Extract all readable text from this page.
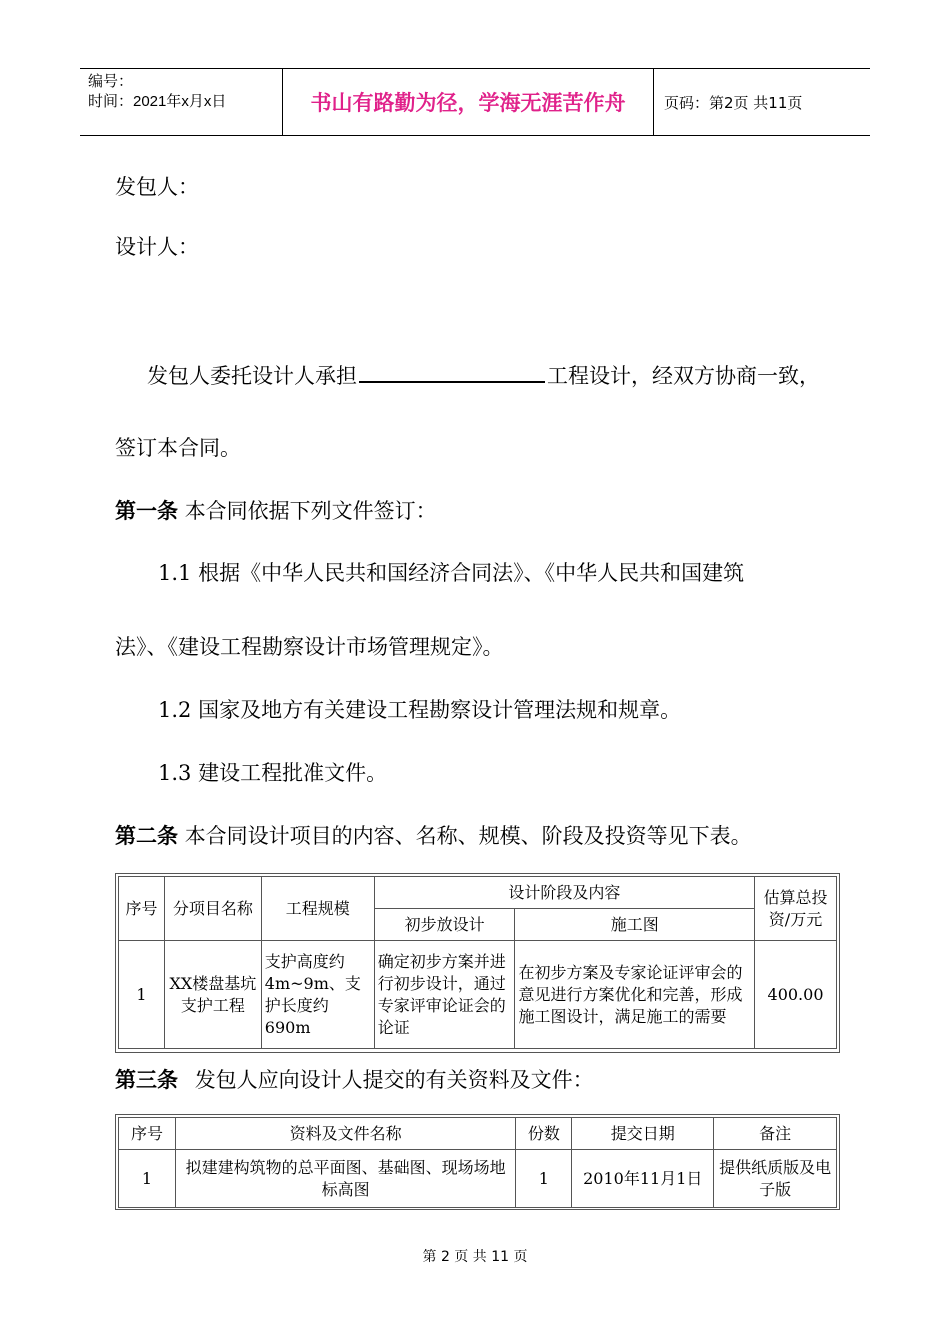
编号：
时间：2021年x月x日	书山有路勤为径，学海无涯苦作舟	页码：第2页 共11页
发包人：
设计人：
发包人委托设计人承担	工程设计，经双方协商一致，
签订本合同。
第一条 本合同依据下列文件签订：
1.1 根据《中华人民共和国经济合同法》、《中华人民共和国建筑
法》、《建设工程勘察设计市场管理规定》。
1.2 国家及地方有关建设工程勘察设计管理法规和规章。
1.3 建设工程批准文件。
第二条 本合同设计项目的内容、名称、规模、阶段及投资等见下表。
序号	分项目名称	工程规模	设计阶段及内容		估算总投资/万元
			初步放设计	施工图	
1	XX楼盘基坑支护工程	支护高度约4m~9m、支护长度约690m	确定初步方案并进行初步设计，通过专家评审论证会的论证	在初步方案及专家论证评审会的意见进行方案优化和完善，形成施工图设计，满足施工的需要	400.00
第三条 发包人应向设计人提交的有关资料及文件：
序号	资料及文件名称	份数	提交日期	备注
1	拟建建构筑物的总平面图、基础图、现场场地标高图	1	2010年11月1日	提供纸质版及电子版
第 2 页 共 11 页
